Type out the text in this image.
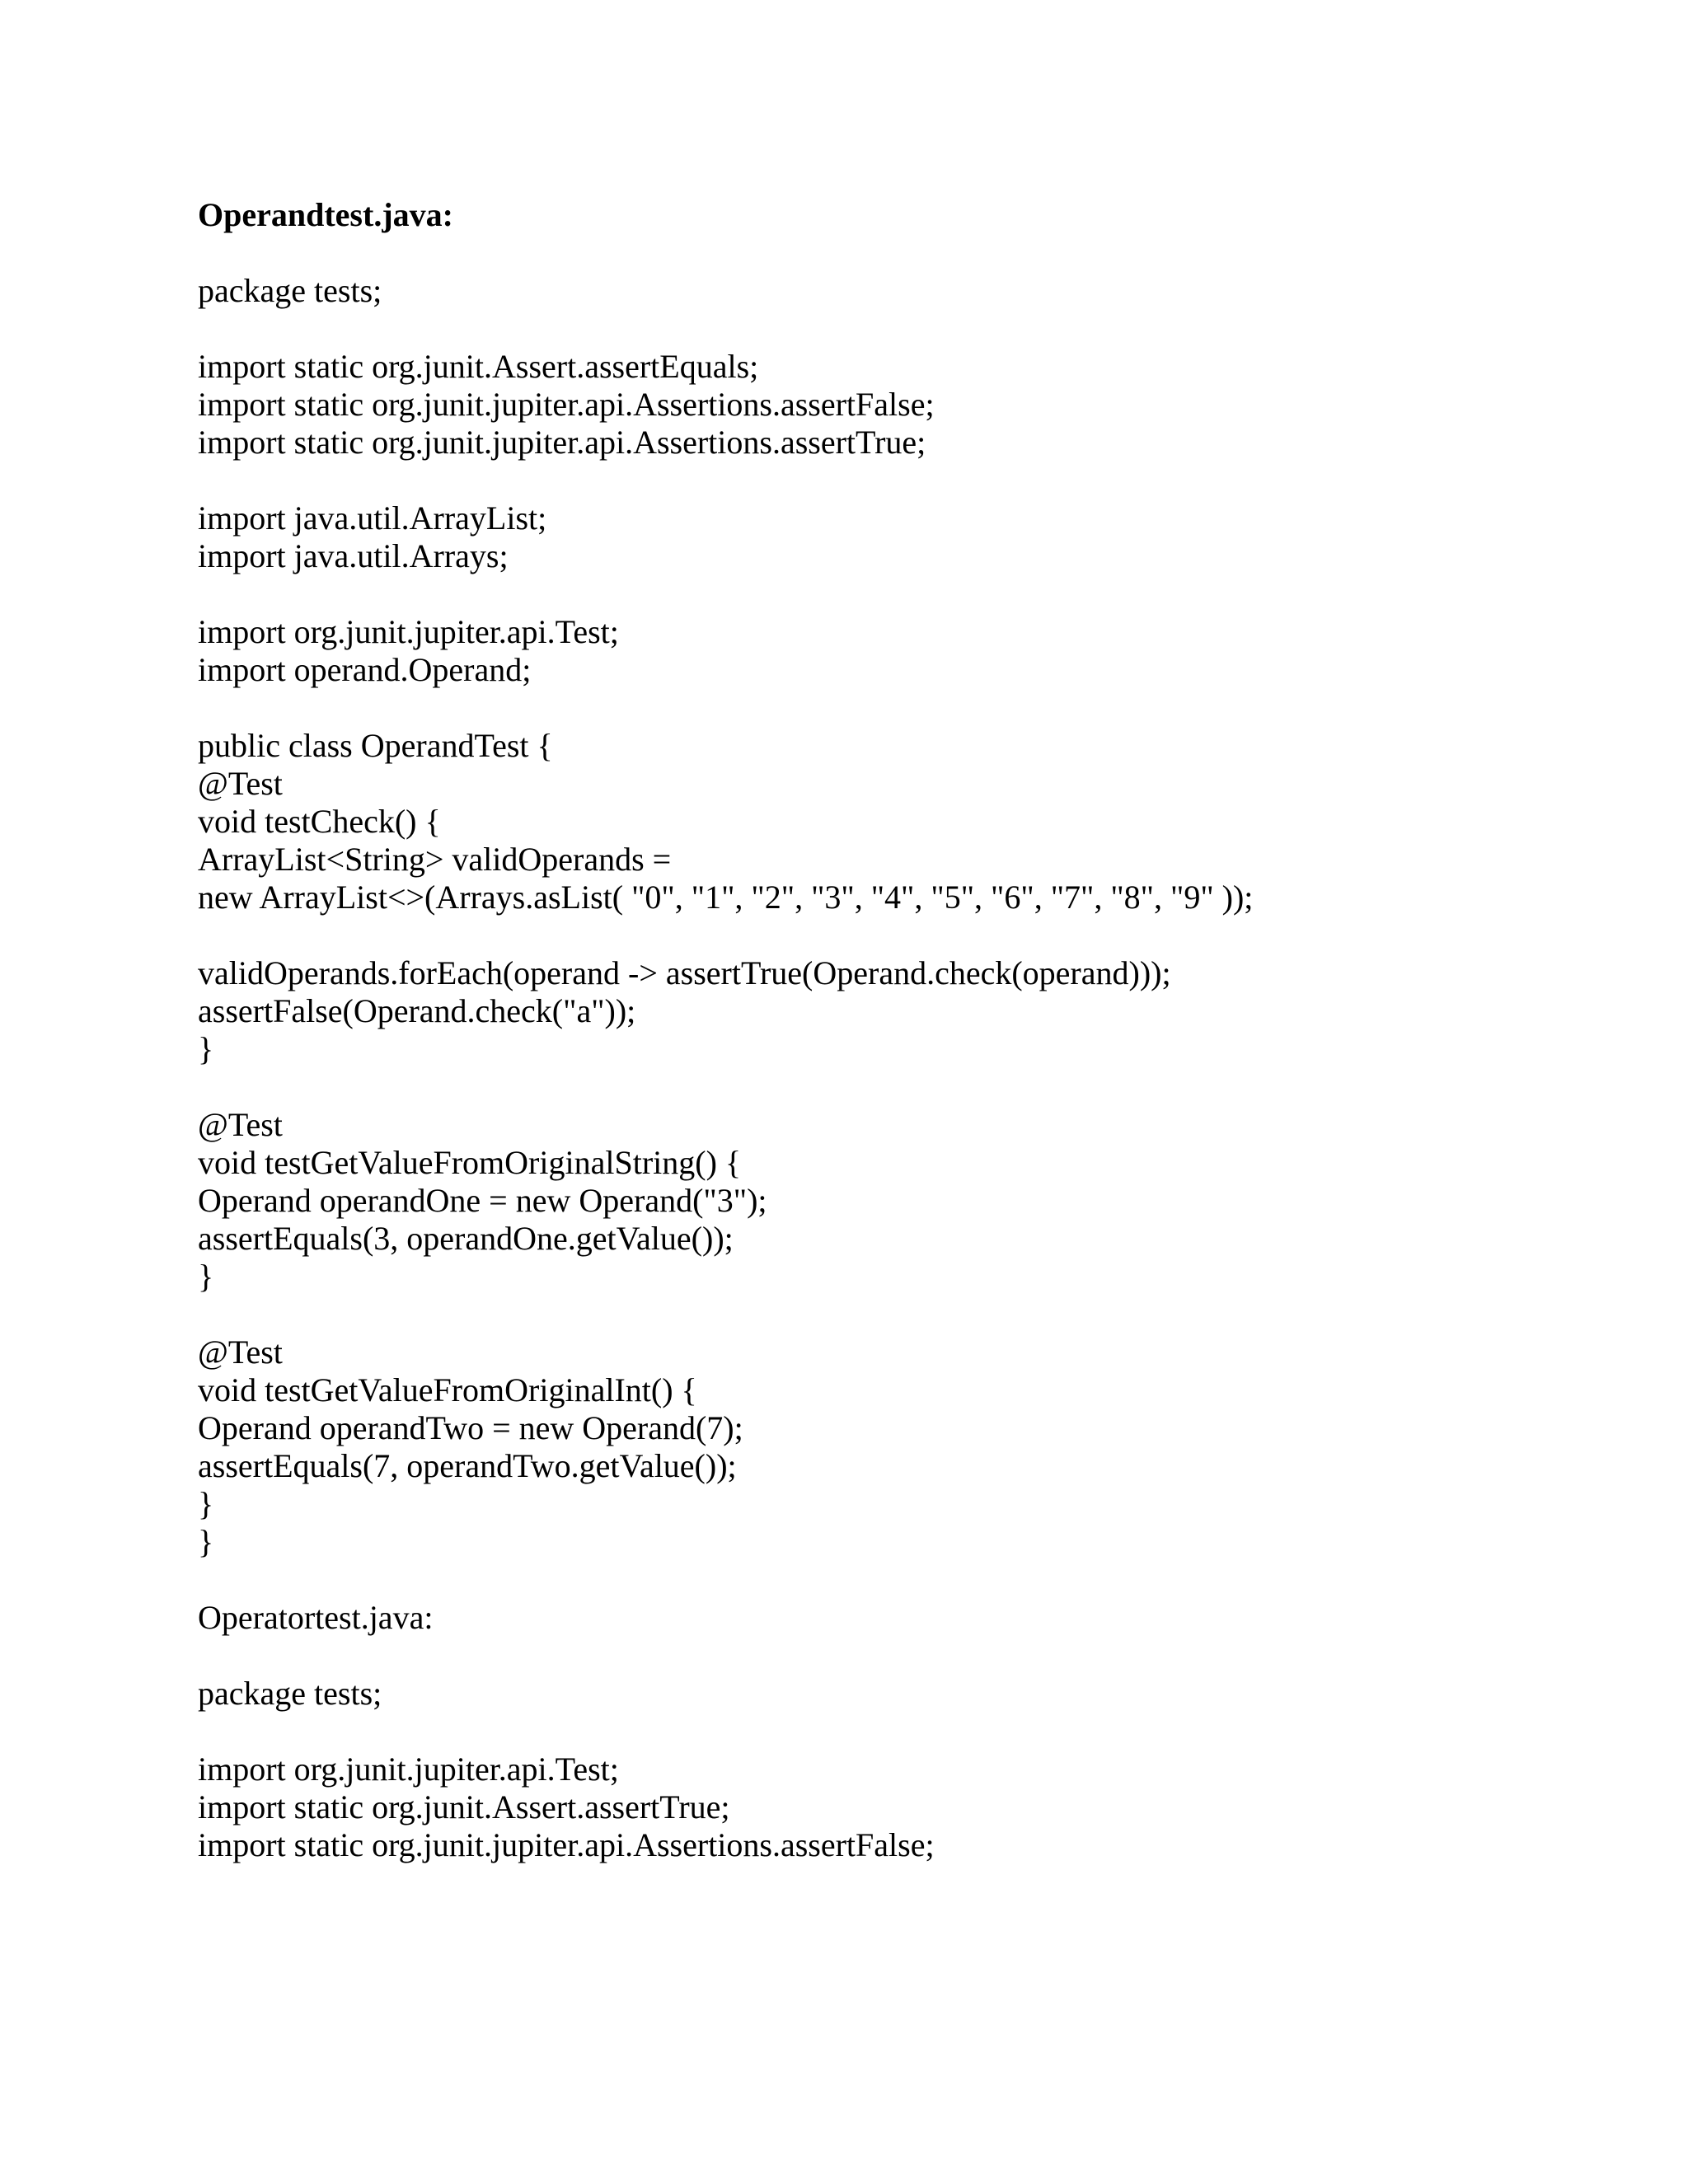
Operandtest.java:
package tests;
import static org.junit.Assert.assertEquals;
import static org.junit.jupiter.api.Assertions.assertFalse;
import static org.junit.jupiter.api.Assertions.assertTrue;
import java.util.ArrayList;
import java.util.Arrays;
import org.junit.jupiter.api.Test;
import operand.Operand;
public class OperandTest {
@Test
void testCheck() {
ArrayList<String> validOperands =
new ArrayList<>(Arrays.asList( "0", "1", "2", "3", "4", "5", "6", "7", "8", "9" ));
validOperands.forEach(operand -> assertTrue(Operand.check(operand)));
assertFalse(Operand.check("a"));
}
@Test
void testGetValueFromOriginalString() {
Operand operandOne = new Operand("3");
assertEquals(3, operandOne.getValue());
}
@Test
void testGetValueFromOriginalInt() {
Operand operandTwo = new Operand(7);
assertEquals(7, operandTwo.getValue());
}
}
Operatortest.java:
package tests;
import org.junit.jupiter.api.Test;
import static org.junit.Assert.assertTrue;
import static org.junit.jupiter.api.Assertions.assertFalse;
